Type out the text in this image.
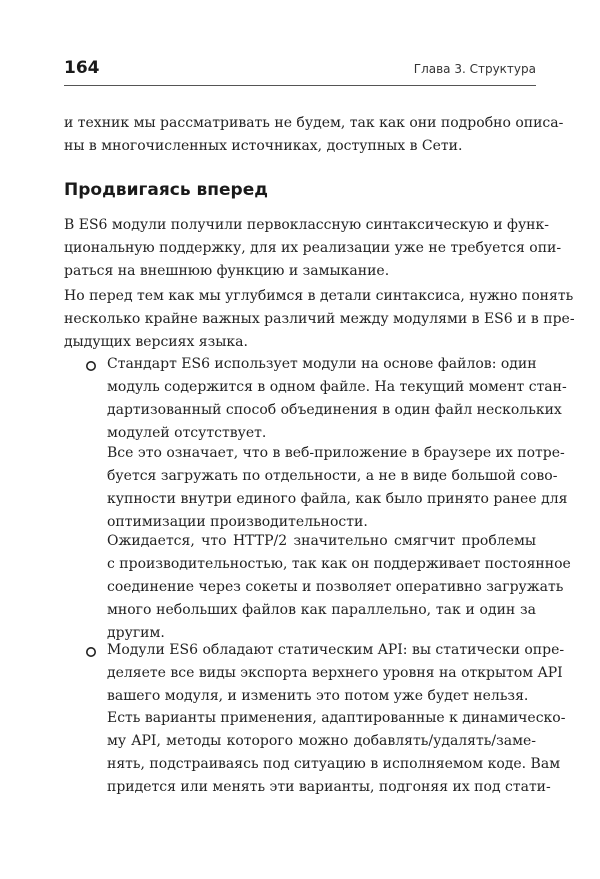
164	Глава 3. Структура

и техник мы рассматривать не будем, так как они подробно описа-
ны в многочисленных источниках, доступных в Сети.

Продвигаясь вперед

В ES6 модули получили первоклассную синтаксическую и функ-
циональную поддержку, для их реализации уже не требуется опи-
раться на внешнюю функцию и замыкание.

Но перед тем как мы углубимся в детали синтаксиса, нужно понять
несколько крайне важных различий между модулями в ES6 и в пре-
дыдущих версиях языка.

Стандарт ES6 использует модули на основе файлов: один
модуль содержится в одном файле. На текущий момент стан-
дартизованный способ объединения в один файл нескольких
модулей отсутствует.

Все это означает, что в веб-приложение в браузере их потре-
буется загружать по отдельности, а не в виде большой сово-
купности внутри единого файла, как было принято ранее для
оптимизации производительности.

Ожидается, что HTTP/2 значительно смягчит проблемы
с производительностью, так как он поддерживает постоянное
соединение через сокеты и позволяет оперативно загружать
много небольших файлов как параллельно, так и один за
другим.

Модули ES6 обладают статическим API: вы статически опре-
деляете все виды экспорта верхнего уровня на открытом API
вашего модуля, и изменить это потом уже будет нельзя.

Есть варианты применения, адаптированные к динамическо-
му API, методы которого можно добавлять/удалять/заме-
нять, подстраиваясь под ситуацию в исполняемом коде. Вам
придется или менять эти варианты, подгоняя их под стати-
